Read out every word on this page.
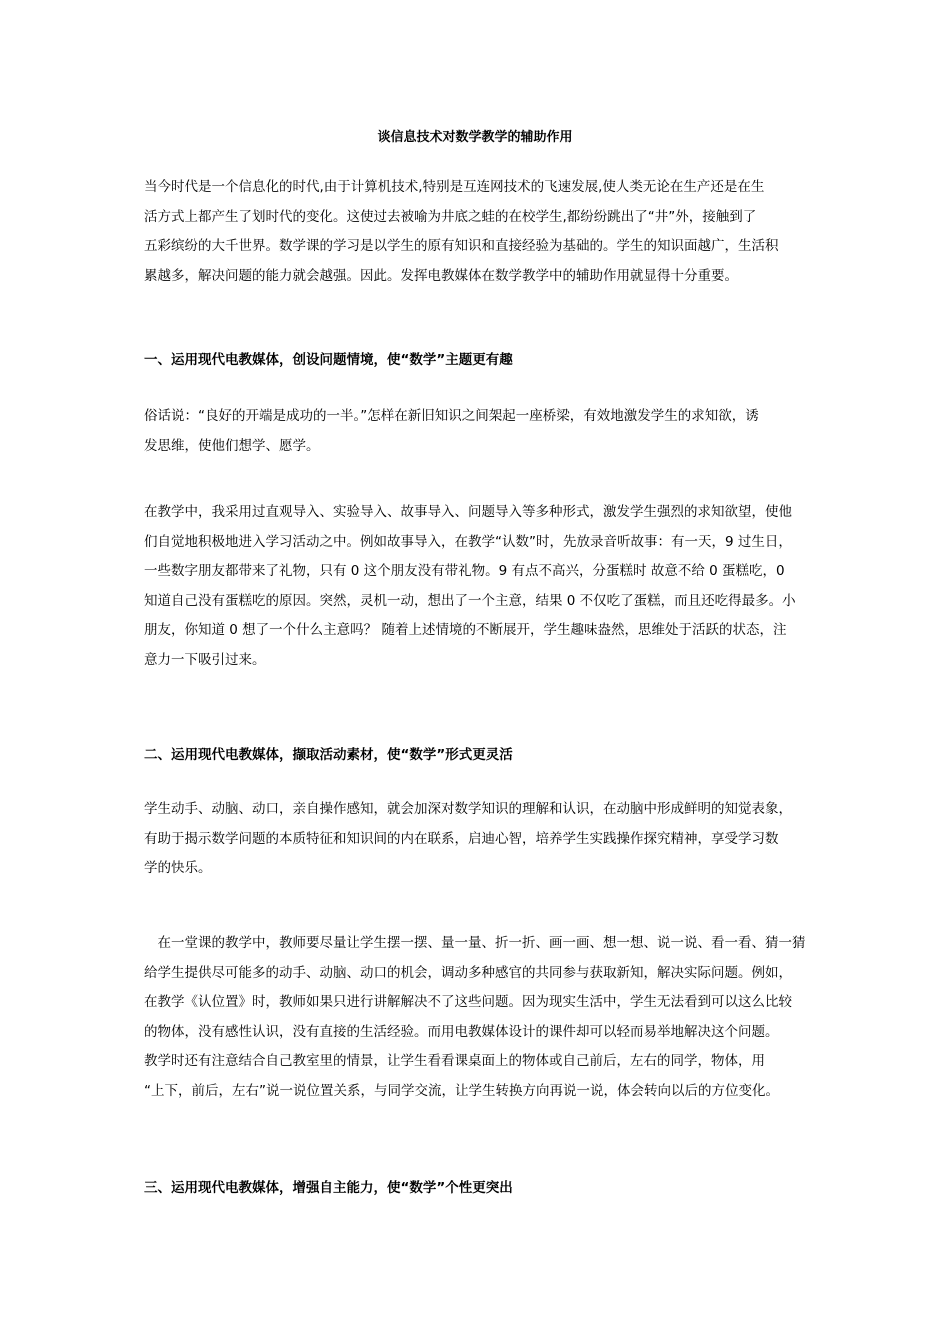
谈信息技术对数学教学的辅助作用
当今时代是一个信息化的时代,由于计算机技术,特别是互连网技术的飞速发展,使人类无论在生产还是在生
活方式上都产生了划时代的变化。这使过去被喻为井底之蛙的在校学生,都纷纷跳出了“井”外，接触到了
五彩缤纷的大千世界。数学课的学习是以学生的原有知识和直接经验为基础的。学生的知识面越广，生活积
累越多，解决问题的能力就会越强。因此。发挥电教媒体在数学教学中的辅助作用就显得十分重要。
一、运用现代电教媒体，创设问题情境，使“数学”主题更有趣
俗话说：“良好的开端是成功的一半。”怎样在新旧知识之间架起一座桥梁，有效地激发学生的求知欲，诱
发思维，使他们想学、愿学。
在教学中，我采用过直观导入、实验导入、故事导入、问题导入等多种形式，激发学生强烈的求知欲望，使他
们自觉地积极地进入学习活动之中。例如故事导入，在教学“认数”时，先放录音听故事：有一天，9 过生日，
一些数字朋友都带来了礼物，只有 0 这个朋友没有带礼物。9 有点不高兴，分蛋糕时 故意不给 0 蛋糕吃，0
知道自己没有蛋糕吃的原因。突然，灵机一动，想出了一个主意，结果 0 不仅吃了蛋糕，而且还吃得最多。小
朋友，你知道 0 想了一个什么主意吗？ 随着上述情境的不断展开，学生趣味盎然，思维处于活跃的状态，注
意力一下吸引过来。
二、运用现代电教媒体，撷取活动素材，使“数学”形式更灵活
学生动手、动脑、动口，亲自操作感知，就会加深对数学知识的理解和认识，在动脑中形成鲜明的知觉表象，
有助于揭示数学问题的本质特征和知识间的内在联系，启迪心智，培养学生实践操作探究精神，享受学习数
学的快乐。
　在一堂课的教学中，教师要尽量让学生摆一摆、量一量、折一折、画一画、想一想、说一说、看一看、猜一猜
给学生提供尽可能多的动手、动脑、动口的机会，调动多种感官的共同参与获取新知，解决实际问题。例如，
在教学《认位置》时，教师如果只进行讲解解决不了这些问题。因为现实生活中，学生无法看到可以这么比较
的物体，没有感性认识，没有直接的生活经验。而用电教媒体设计的课件却可以轻而易举地解决这个问题。
教学时还有注意结合自己教室里的情景，让学生看看课桌面上的物体或自己前后，左右的同学，物体，用
“上下，前后，左右”说一说位置关系，与同学交流，让学生转换方向再说一说，体会转向以后的方位变化。
三、运用现代电教媒体，增强自主能力，使“数学”个性更突出
